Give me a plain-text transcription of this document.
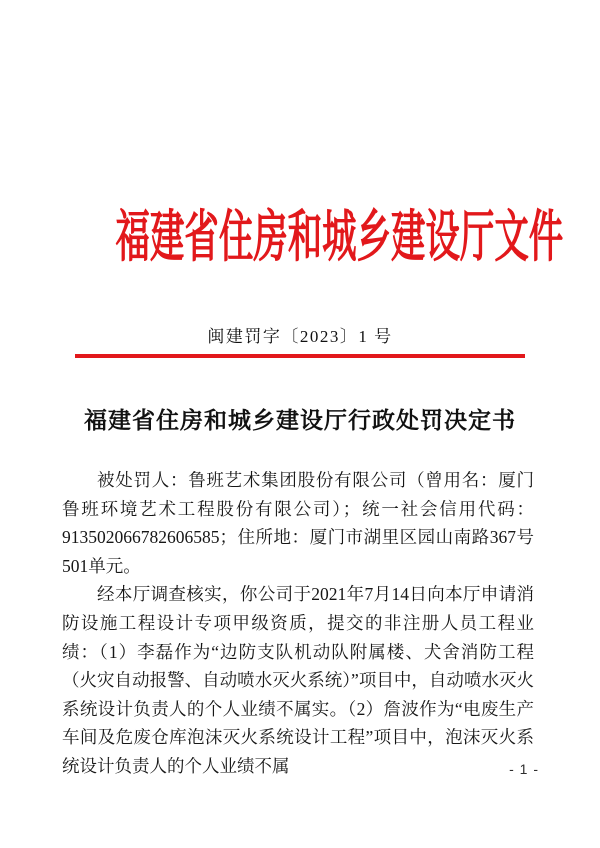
福建省住房和城乡建设厅文件
闽建罚字〔2023〕1 号
福建省住房和城乡建设厅行政处罚决定书

被处罚人：鲁班艺术集团股份有限公司（曾用名：厦门鲁班环境艺术工程股份有限公司）；统一社会信用代码：913502066782606585；住所地：厦门市湖里区园山南路367号501单元。

经本厅调查核实，你公司于2021年7月14日向本厅申请消防设施工程设计专项甲级资质，提交的非注册人员工程业绩：（1）李磊作为“边防支队机动队附属楼、犬舍消防工程（火灾自动报警、自动喷水灭火系统）”项目中，自动喷水灭火系统设计负责人的个人业绩不属实。（2）詹波作为“电废生产车间及危废仓库泡沫灭火系统设计工程”项目中，泡沫灭火系统设计负责人的个人业绩不属	- 1 -
